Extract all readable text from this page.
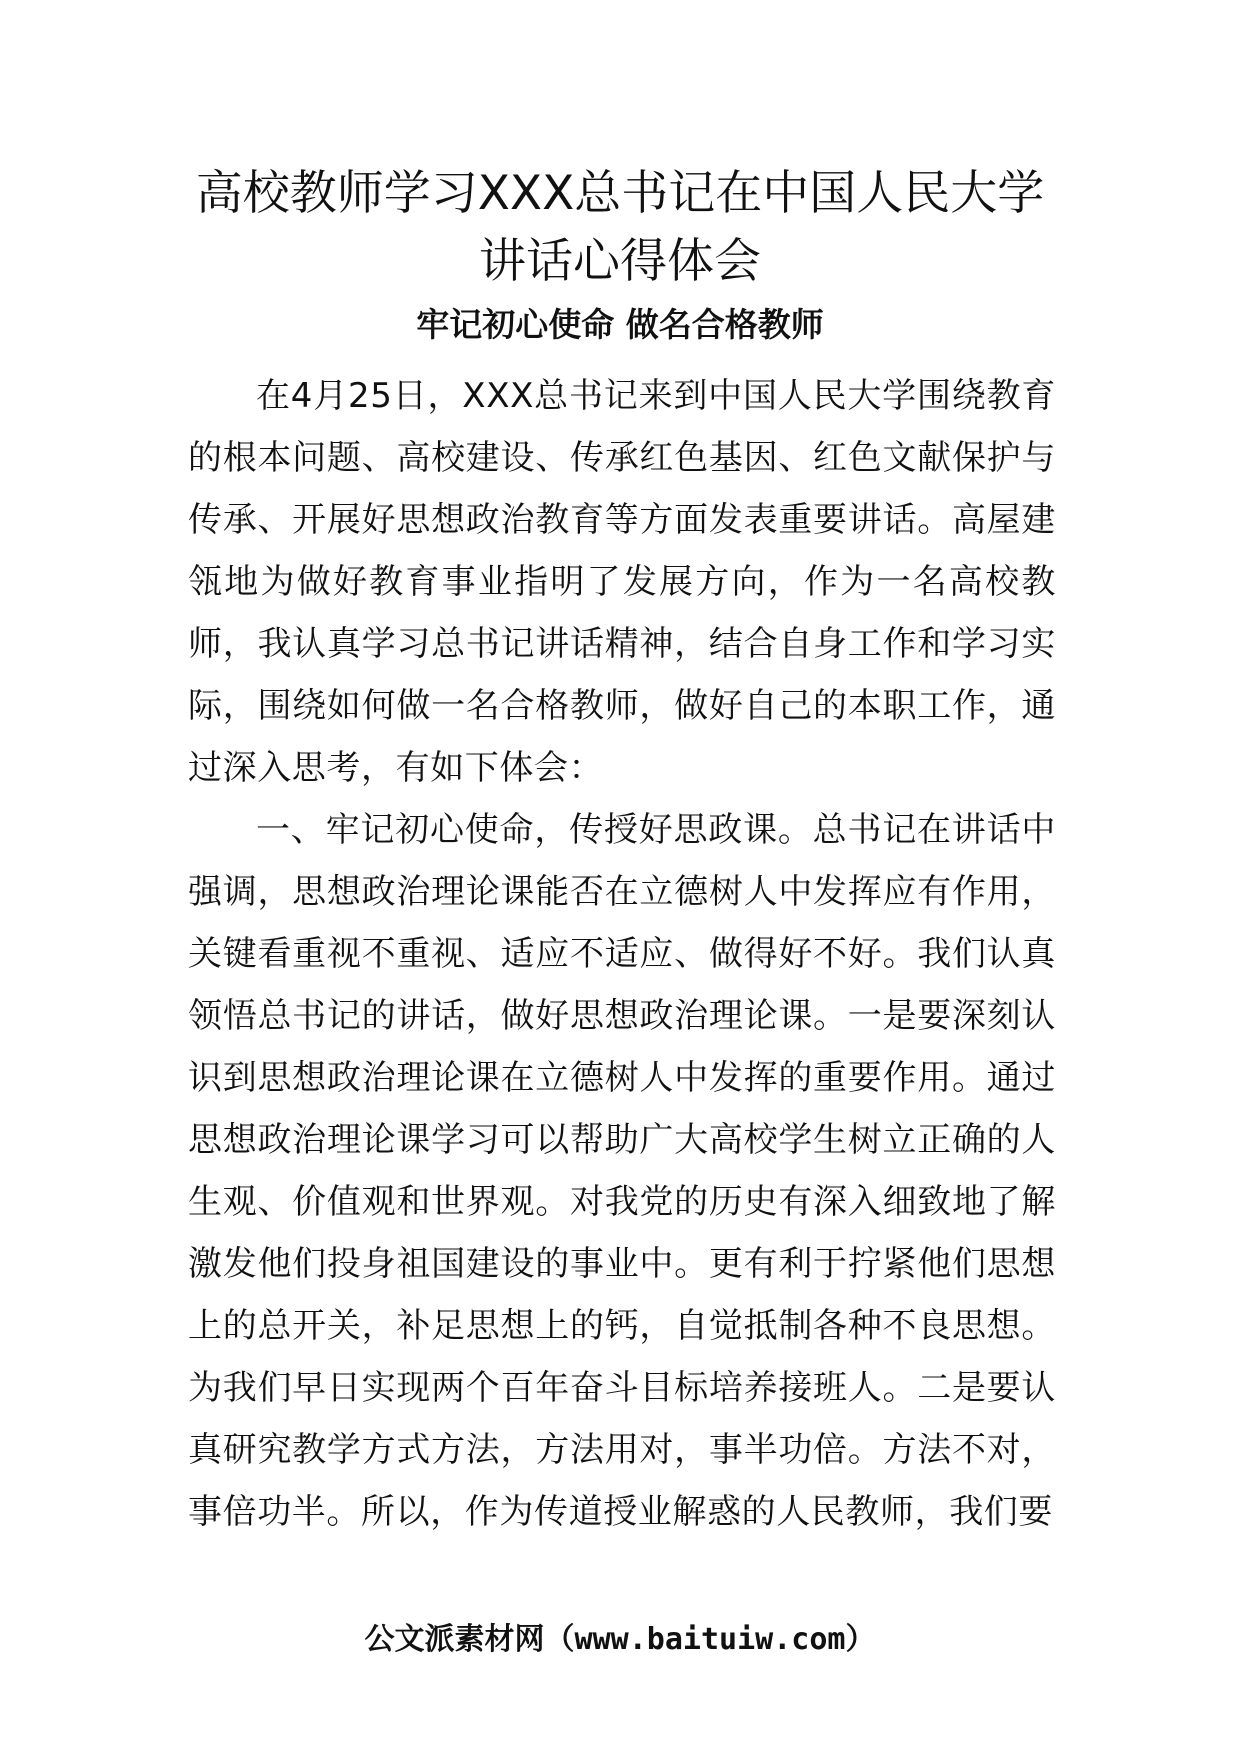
高校教师学习XXX总书记在中国人民大学
讲话心得体会
牢记初心使命 做名合格教师

在4月25日，XXX总书记来到中国人民大学围绕教育的根本问题、高校建设、传承红色基因、红色文献保护与传承、开展好思想政治教育等方面发表重要讲话。高屋建瓴地为做好教育事业指明了发展方向，作为一名高校教师，我认真学习总书记讲话精神，结合自身工作和学习实际，围绕如何做一名合格教师，做好自己的本职工作，通过深入思考，有如下体会：

一、牢记初心使命，传授好思政课。总书记在讲话中强调，思想政治理论课能否在立德树人中发挥应有作用，关键看重视不重视、适应不适应、做得好不好。我们认真领悟总书记的讲话，做好思想政治理论课。一是要深刻认识到思想政治理论课在立德树人中发挥的重要作用。通过思想政治理论课学习可以帮助广大高校学生树立正确的人生观、价值观和世界观。对我党的历史有深入细致地了解激发他们投身祖国建设的事业中。更有利于拧紧他们思想上的总开关，补足思想上的钙，自觉抵制各种不良思想。为我们早日实现两个百年奋斗目标培养接班人。二是要认真研究教学方式方法，方法用对，事半功倍。方法不对，事倍功半。所以，作为传道授业解惑的人民教师，我们要

公文派素材网（www.baituiw.com）
